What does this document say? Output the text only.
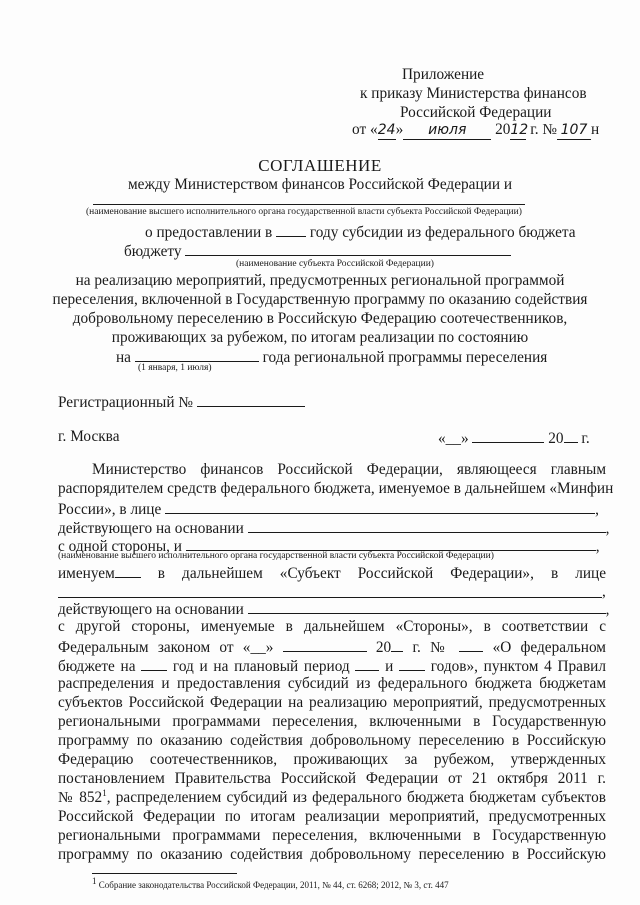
Приложение
к приказу Министерства финансов
Российской Федерации
от «24» июля 2012 г. № 107 н
СОГЛАШЕНИЕ
между Министерством финансов Российской Федерации и
(наименование высшего исполнительного органа государственной власти субъекта Российской Федерации)
о предоставлении в  году субсидии из федерального бюджета
бюджету
(наименование субъекта Российской Федерации)
на реализацию мероприятий, предусмотренных региональной программой
переселения, включенной в Государственную программу по оказанию содействия
добровольному переселению в Российскую Федерацию соотечественников,
проживающих за рубежом, по итогам реализации по состоянию
на	года региональной программы переселения
(1 января, 1 июля)
Регистрационный №
г. Москва	«__»	20 г.
Министерство финансов Российской Федерации, являющееся главным
распорядителем средств федерального бюджета, именуемое в дальнейшем «Минфин
России», в лице	,
действующего на основании	,
с одной стороны, и	,
(наименование высшего исполнительного органа государственной власти субъекта Российской Федерации)
именуем в дальнейшем «Субъект Российской Федерации», в лице
,
действующего на основании	,
с другой стороны, именуемые в дальнейшем «Стороны», в соответствии с
Федеральным законом от «__»	20 г. №  «О федеральном
бюджете на  год и на плановый период  и  годов», пунктом 4 Правил
распределения и предоставления субсидий из федерального бюджета бюджетам
субъектов Российской Федерации на реализацию мероприятий, предусмотренных
региональными программами переселения, включенными в Государственную
программу по оказанию содействия добровольному переселению в Российскую
Федерацию соотечественников, проживающих за рубежом, утвержденных
постановлением Правительства Российской Федерации от 21 октября 2011 г.
№ $852^1$, распределением субсидий из федерального бюджета бюджетам субъектов
Российской Федерации по итогам реализации мероприятий, предусмотренных
региональными программами переселения, включенными в Государственную
программу по оказанию содействия добровольному переселению в Российскую
$^1$ Собрание законодательства Российской Федерации, 2011, № 44, ст. 6268; 2012, № 3, ст. 447
